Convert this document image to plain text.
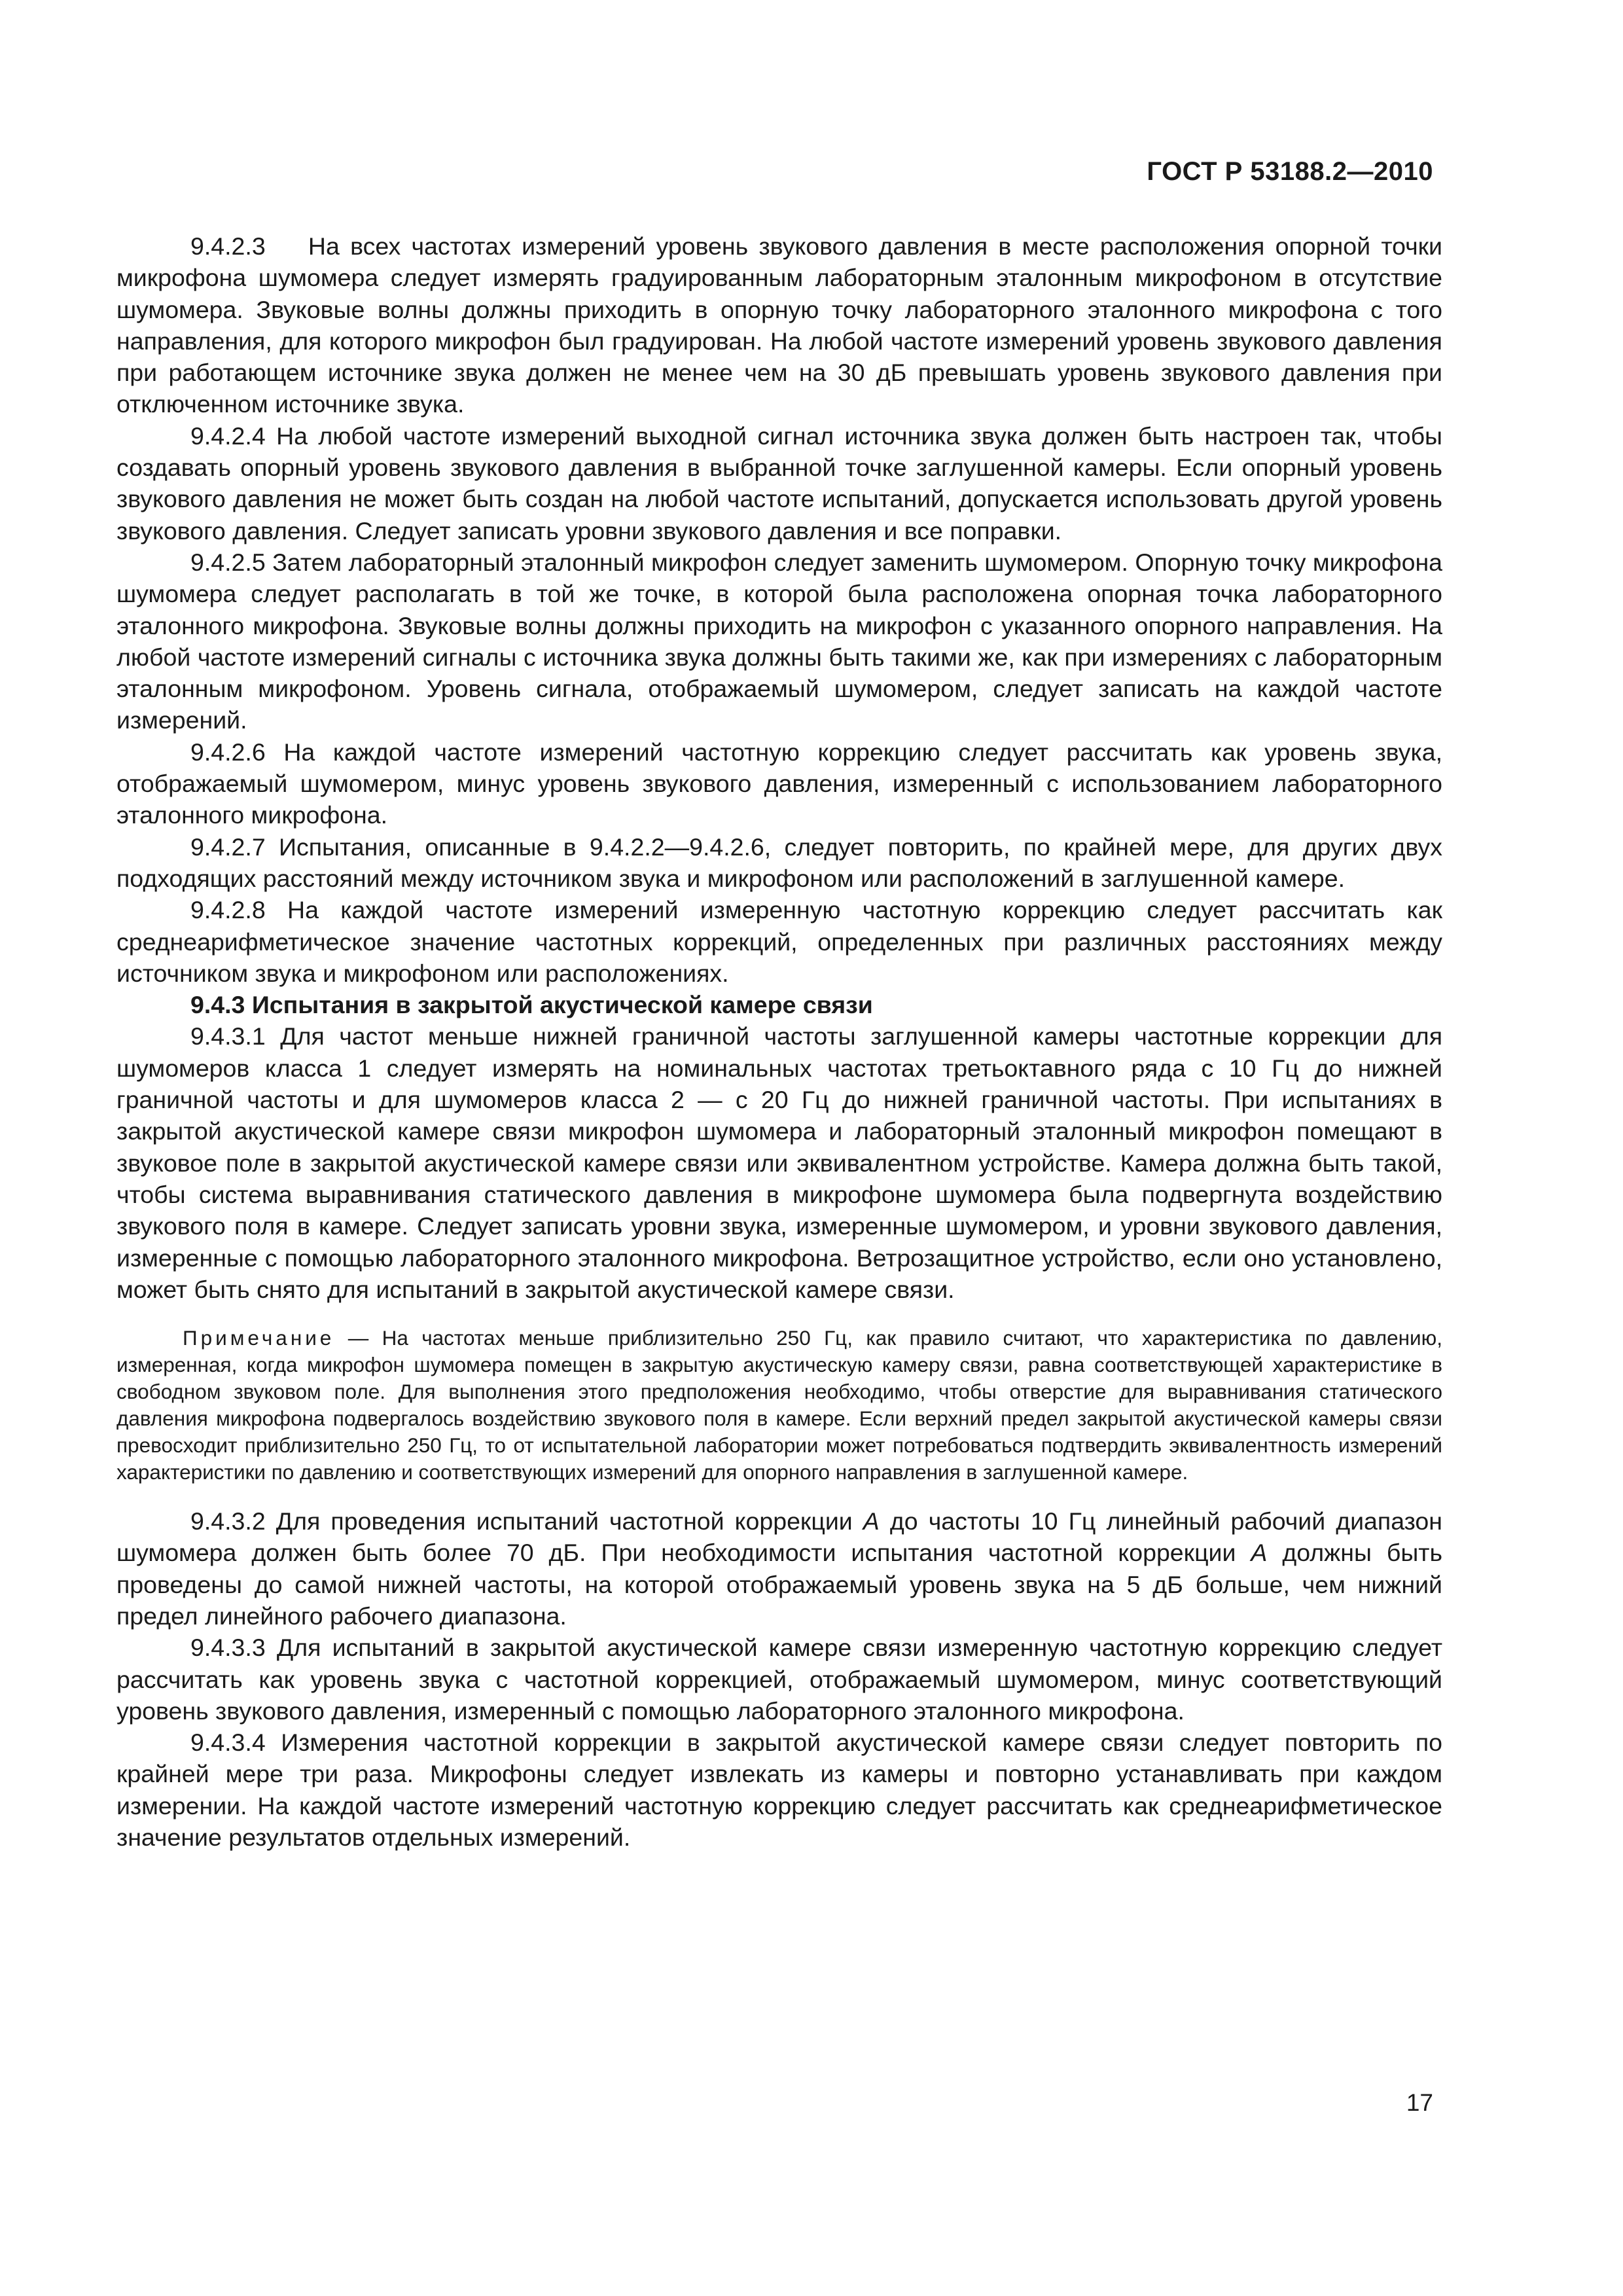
ГОСТ Р 53188.2—2010

9.4.2.3 На всех частотах измерений уровень звукового давления в месте расположения опорной точки микрофона шумомера следует измерять градуированным лабораторным эталонным микрофоном в отсутствие шумомера. Звуковые волны должны приходить в опорную точку лабораторного эталонного микрофона с того направления, для которого микрофон был градуирован. На любой частоте измерений уровень звукового давления при работающем источнике звука должен не менее чем на 30 дБ превышать уровень звукового давления при отключенном источнике звука.

9.4.2.4 На любой частоте измерений выходной сигнал источника звука должен быть настроен так, чтобы создавать опорный уровень звукового давления в выбранной точке заглушенной камеры. Если опорный уровень звукового давления не может быть создан на любой частоте испытаний, допускается использовать другой уровень звукового давления. Следует записать уровни звукового давления и все поправки.

9.4.2.5 Затем лабораторный эталонный микрофон следует заменить шумомером. Опорную точку микрофона шумомера следует располагать в той же точке, в которой была расположена опорная точка лабораторного эталонного микрофона. Звуковые волны должны приходить на микрофон с указанного опорного направления. На любой частоте измерений сигналы с источника звука должны быть такими же, как при измерениях с лабораторным эталонным микрофоном. Уровень сигнала, отображаемый шумомером, следует записать на каждой частоте измерений.

9.4.2.6 На каждой частоте измерений частотную коррекцию следует рассчитать как уровень звука, отображаемый шумомером, минус уровень звукового давления, измеренный с использованием лабораторного эталонного микрофона.

9.4.2.7 Испытания, описанные в 9.4.2.2—9.4.2.6, следует повторить, по крайней мере, для других двух подходящих расстояний между источником звука и микрофоном или расположений в заглушенной камере.

9.4.2.8 На каждой частоте измерений измеренную частотную коррекцию следует рассчитать как среднеарифметическое значение частотных коррекций, определенных при различных расстояниях между источником звука и микрофоном или расположениях.

9.4.3 Испытания в закрытой акустической камере связи

9.4.3.1 Для частот меньше нижней граничной частоты заглушенной камеры частотные коррекции для шумомеров класса 1 следует измерять на номинальных частотах третьоктавного ряда с 10 Гц до нижней граничной частоты и для шумомеров класса 2 — с 20 Гц до нижней граничной частоты. При испытаниях в закрытой акустической камере связи микрофон шумомера и лабораторный эталонный микрофон помещают в звуковое поле в закрытой акустической камере связи или эквивалентном устройстве. Камера должна быть такой, чтобы система выравнивания статического давления в микрофоне шумомера была подвергнута воздействию звукового поля в камере. Следует записать уровни звука, измеренные шумомером, и уровни звукового давления, измеренные с помощью лабораторного эталонного микрофона. Ветрозащитное устройство, если оно установлено, может быть снято для испытаний в закрытой акустической камере связи.

Примечание — На частотах меньше приблизительно 250 Гц, как правило считают, что характеристика по давлению, измеренная, когда микрофон шумомера помещен в закрытую акустическую камеру связи, равна соответствующей характеристике в свободном звуковом поле. Для выполнения этого предположения необходимо, чтобы отверстие для выравнивания статического давления микрофона подвергалось воздействию звукового поля в камере. Если верхний предел закрытой акустической камеры связи превосходит приблизительно 250 Гц, то от испытательной лаборатории может потребоваться подтвердить эквивалентность измерений характеристики по давлению и соответствующих измерений для опорного направления в заглушенной камере.

9.4.3.2 Для проведения испытаний частотной коррекции A до частоты 10 Гц линейный рабочий диапазон шумомера должен быть более 70 дБ. При необходимости испытания частотной коррекции A должны быть проведены до самой нижней частоты, на которой отображаемый уровень звука на 5 дБ больше, чем нижний предел линейного рабочего диапазона.

9.4.3.3 Для испытаний в закрытой акустической камере связи измеренную частотную коррекцию следует рассчитать как уровень звука с частотной коррекцией, отображаемый шумомером, минус соответствующий уровень звукового давления, измеренный с помощью лабораторного эталонного микрофона.

9.4.3.4 Измерения частотной коррекции в закрытой акустической камере связи следует повторить по крайней мере три раза. Микрофоны следует извлекать из камеры и повторно устанавливать при каждом измерении. На каждой частоте измерений частотную коррекцию следует рассчитать как среднеарифметическое значение результатов отдельных измерений.

17
